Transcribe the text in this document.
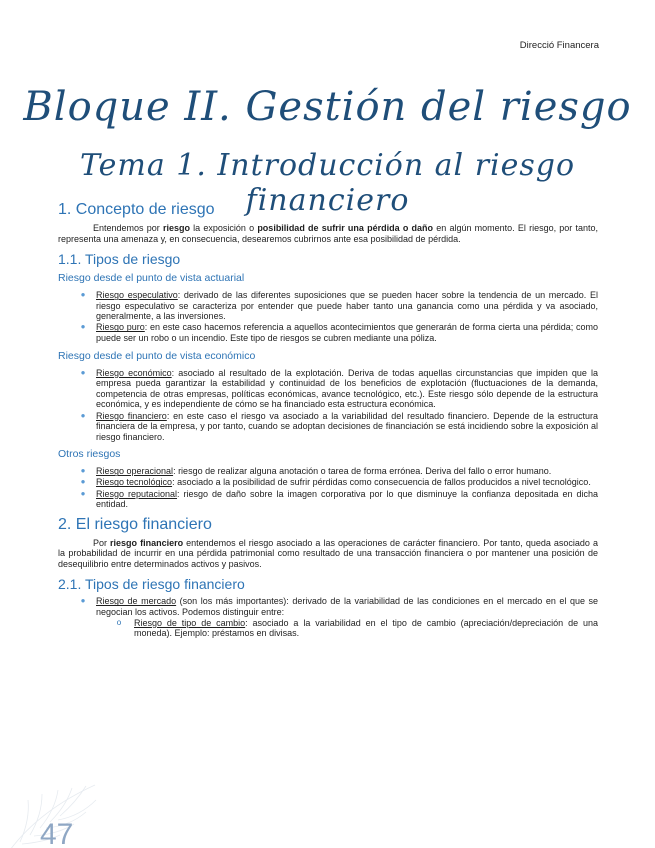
Direcció Financera
Bloque II. Gestión del riesgo
Tema 1. Introducción al riesgo financiero
1. Concepto de riesgo

Entendemos por riesgo la exposición o posibilidad de sufrir una pérdida o daño en algún momento. El riesgo, por tanto, representa una amenaza y, en consecuencia, desearemos cubrirnos ante esa posibilidad de pérdida.

1.1. Tipos de riesgo
Riesgo desde el punto de vista actuarial
● Riesgo especulativo: derivado de las diferentes suposiciones que se pueden hacer sobre la tendencia de un mercado. El riesgo especulativo se caracteriza por entender que puede haber tanto una ganancia como una pérdida y va asociado, generalmente, a las inversiones.
● Riesgo puro: en este caso hacemos referencia a aquellos acontecimientos que generarán de forma cierta una pérdida; como puede ser un robo o un incendio. Este tipo de riesgos se cubren mediante una póliza.
Riesgo desde el punto de vista económico
● Riesgo económico: asociado al resultado de la explotación. Deriva de todas aquellas circunstancias que impiden que la empresa pueda garantizar la estabilidad y continuidad de los beneficios de explotación (fluctuaciones de la demanda, competencia de otras empresas, políticas económicas, avance tecnológico, etc.). Este riesgo sólo depende de la estructura económica, y es independiente de cómo se ha financiado esta estructura económica.
● Riesgo financiero: en este caso el riesgo va asociado a la variabilidad del resultado financiero. Depende de la estructura financiera de la empresa, y por tanto, cuando se adoptan decisiones de financiación se está incidiendo sobre la exposición al riesgo financiero.
Otros riesgos
● Riesgo operacional: riesgo de realizar alguna anotación o tarea de forma errónea. Deriva del fallo o error humano.
● Riesgo tecnológico: asociado a la posibilidad de sufrir pérdidas como consecuencia de fallos producidos a nivel tecnológico.
● Riesgo reputacional: riesgo de daño sobre la imagen corporativa por lo que disminuye la confianza depositada en dicha entidad.
2. El riesgo financiero

Por riesgo financiero entendemos el riesgo asociado a las operaciones de carácter financiero. Por tanto, queda asociado a la probabilidad de incurrir en una pérdida patrimonial como resultado de una transacción financiera o por mantener una posición de desequilibrio entre determinados activos y pasivos.

2.1. Tipos de riesgo financiero
● Riesgo de mercado (son los más importantes): derivado de la variabilidad de las condiciones en el mercado en el que se negocian los activos. Podemos distinguir entre:
o	Riesgo de tipo de cambio: asociado a la variabilidad en el tipo de cambio (apreciación/depreciación de una moneda). Ejemplo: préstamos en divisas.
47
